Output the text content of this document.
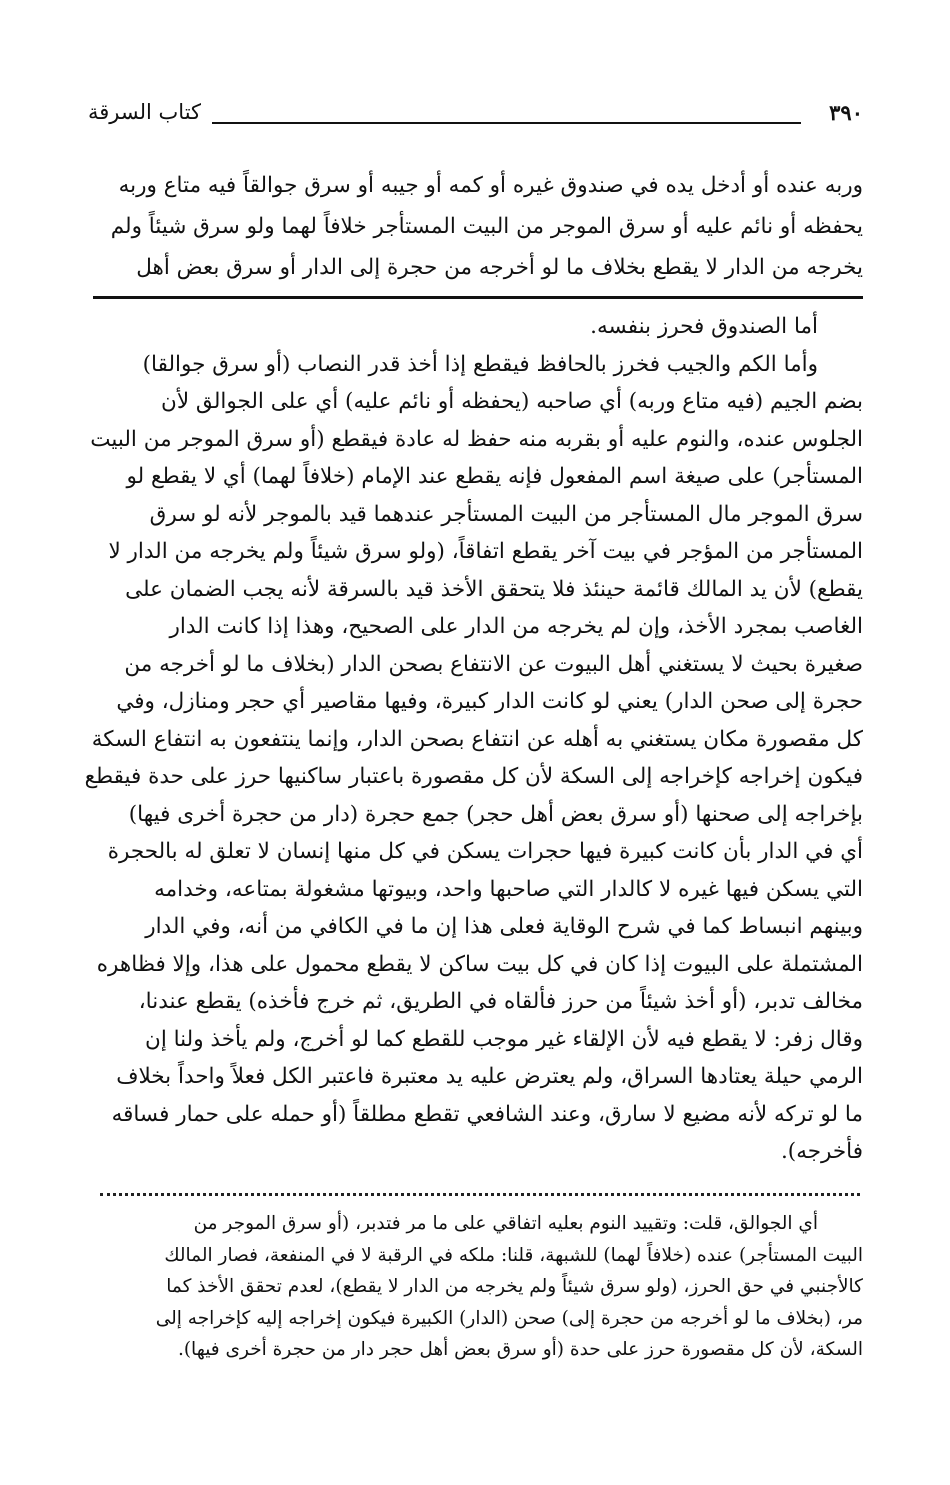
٣٩٠
كتاب السرقة
وربه عنده أو أدخل يده في صندوق غيره أو كمه أو جيبه أو سرق جوالقاً فيه متاع وربه
يحفظه أو نائم عليه أو سرق الموجر من البيت المستأجر خلافاً لهما ولو سرق شيئاً ولم
يخرجه من الدار لا يقطع بخلاف ما لو أخرجه من حجرة إلى الدار أو سرق بعض أهل
أما الصندوق فحرز بنفسه.
وأما الكم والجيب فخرز بالحافظ فيقطع إذا أخذ قدر النصاب (أو سرق جوالقا)
بضم الجيم (فيه متاع وربه) أي صاحبه (يحفظه أو نائم عليه) أي على الجوالق لأن
الجلوس عنده، والنوم عليه أو بقربه منه حفظ له عادة فيقطع (أو سرق الموجر من البيت
المستأجر) على صيغة اسم المفعول فإنه يقطع عند الإمام (خلافاً لهما) أي لا يقطع لو
سرق الموجر مال المستأجر من البيت المستأجر عندهما قيد بالموجر لأنه لو سرق
المستأجر من المؤجر في بيت آخر يقطع اتفاقاً، (ولو سرق شيئاً ولم يخرجه من الدار لا
يقطع) لأن يد المالك قائمة حينئذ فلا يتحقق الأخذ قيد بالسرقة لأنه يجب الضمان على
الغاصب بمجرد الأخذ، وإن لم يخرجه من الدار على الصحيح، وهذا إذا كانت الدار
صغيرة بحيث لا يستغني أهل البيوت عن الانتفاع بصحن الدار (بخلاف ما لو أخرجه من
حجرة إلى صحن الدار) يعني لو كانت الدار كبيرة، وفيها مقاصير أي حجر ومنازل، وفي
كل مقصورة مكان يستغني به أهله عن انتفاع بصحن الدار، وإنما ينتفعون به انتفاع السكة
فيكون إخراجه كإخراجه إلى السكة لأن كل مقصورة باعتبار ساكنيها حرز على حدة فيقطع
بإخراجه إلى صحنها (أو سرق بعض أهل حجر) جمع حجرة (دار من حجرة أخرى فيها)
أي في الدار بأن كانت كبيرة فيها حجرات يسكن في كل منها إنسان لا تعلق له بالحجرة
التي يسكن فيها غيره لا كالدار التي صاحبها واحد، وبيوتها مشغولة بمتاعه، وخدامه
وبينهم انبساط كما في شرح الوقاية فعلى هذا إن ما في الكافي من أنه، وفي الدار
المشتملة على البيوت إذا كان في كل بيت ساكن لا يقطع محمول على هذا، وإلا فظاهره
مخالف تدبر، (أو أخذ شيئاً من حرز فألقاه في الطريق، ثم خرج فأخذه) يقطع عندنا،
وقال زفر: لا يقطع فيه لأن الإلقاء غير موجب للقطع كما لو أخرج، ولم يأخذ ولنا إن
الرمي حيلة يعتادها السراق، ولم يعترض عليه يد معتبرة فاعتبر الكل فعلاً واحداً بخلاف
ما لو تركه لأنه مضيع لا سارق، وعند الشافعي تقطع مطلقاً (أو حمله على حمار فساقه
فأخرجه).
أي الجوالق، قلت: وتقييد النوم بعليه اتفاقي على ما مر فتدبر، (أو سرق الموجر من
البيت المستأجر) عنده (خلافاً لهما) للشبهة، قلنا: ملكه في الرقبة لا في المنفعة، فصار المالك
كالأجنبي في حق الحرز، (ولو سرق شيئاً ولم يخرجه من الدار لا يقطع)، لعدم تحقق الأخذ كما
مر، (بخلاف ما لو أخرجه من حجرة إلى) صحن (الدار) الكبيرة فيكون إخراجه إليه كإخراجه إلى
السكة، لأن كل مقصورة حرز على حدة (أو سرق بعض أهل حجر دار من حجرة أخرى فيها).
